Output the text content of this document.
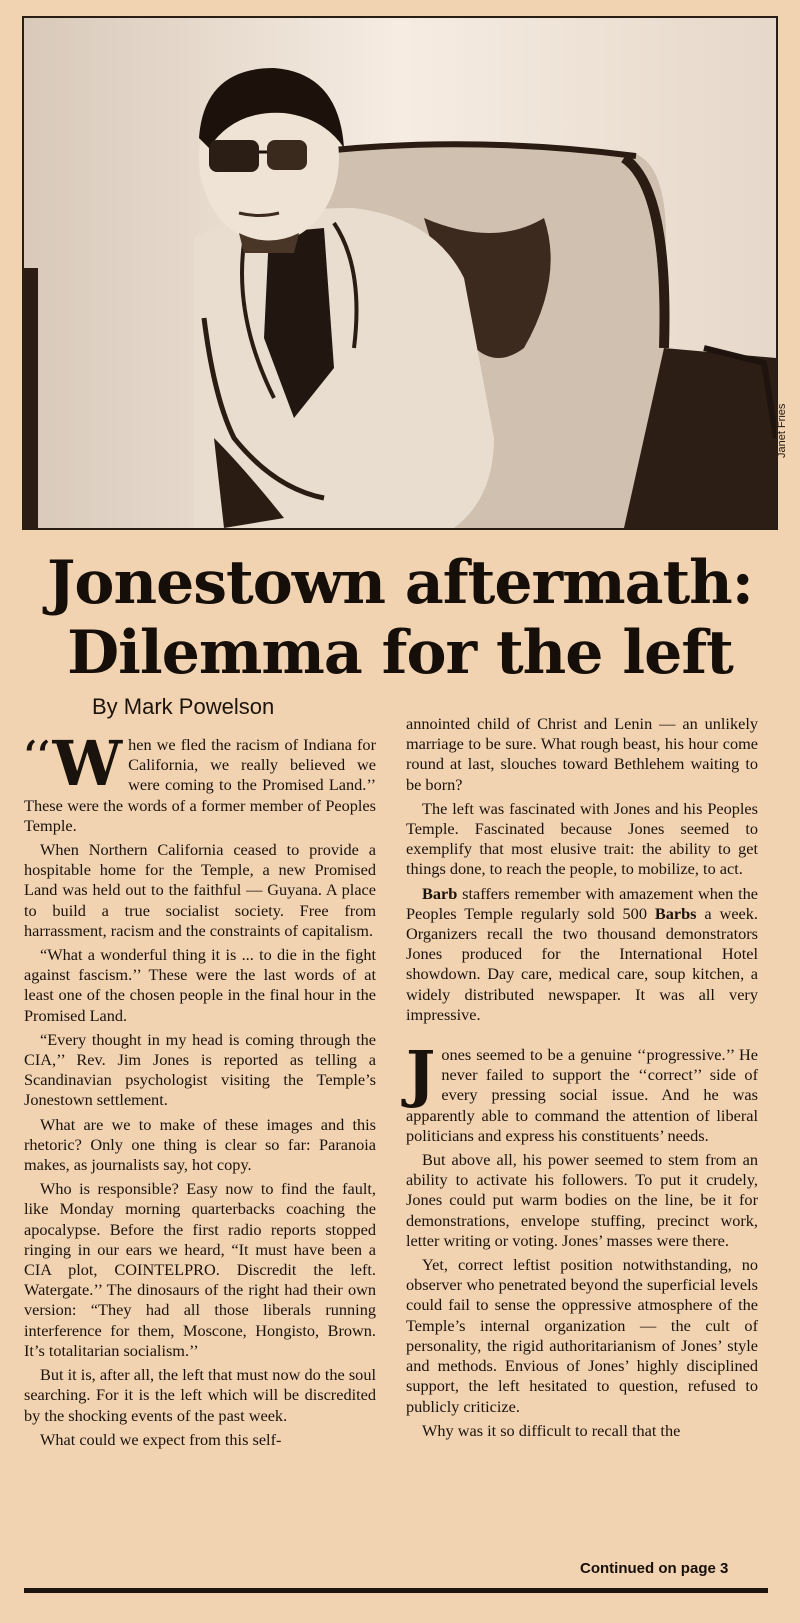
Janet Fries
Jonestown aftermath:
Dilemma for the left
By Mark Powelson

‘‘ W hen we fled the racism of Indiana for California, we really believed we were coming to the Promised Land.’’ These were the words of a former member of Peoples Temple.

When Northern California ceased to provide a hospitable home for the Temple, a new Promised Land was held out to the faithful — Guyana. A place to build a true socialist society. Free from harrassment, racism and the constraints of capitalism.

“What a wonderful thing it is ... to die in the fight against fascism.’’ These were the last words of at least one of the chosen people in the final hour in the Promised Land.

“Every thought in my head is coming through the CIA,’’ Rev. Jim Jones is reported as telling a Scandinavian psychologist visiting the Temple’s Jonestown settlement.

What are we to make of these images and this rhetoric? Only one thing is clear so far: Paranoia makes, as journalists say, hot copy.

Who is responsible? Easy now to find the fault, like Monday morning quarterbacks coaching the apocalypse. Before the first radio reports stopped ringing in our ears we heard, “It must have been a CIA plot, COINTELPRO. Discredit the left. Watergate.’’ The dinosaurs of the right had their own version: “They had all those liberals running interference for them, Moscone, Hongisto, Brown. It’s totalitarian socialism.’’

But it is, after all, the left that must now do the soul searching. For it is the left which will be discredited by the shocking events of the past week.

What could we expect from this self-

annointed child of Christ and Lenin — an unlikely marriage to be sure. What rough beast, his hour come round at last, slouches toward Bethlehem waiting to be born?

The left was fascinated with Jones and his Peoples Temple. Fascinated because Jones seemed to exemplify that most elusive trait: the ability to get things done, to reach the people, to mobilize, to act.

Barb staffers remember with amazement when the Peoples Temple regularly sold 500 Barbs a week. Organizers recall the two thousand demonstrators Jones produced for the International Hotel showdown. Day care, medical care, soup kitchen, a widely distributed newspaper. It was all very impressive.

Jones seemed to be a genuine ‘‘progressive.’’ He never failed to support the ‘‘correct’’ side of every pressing social issue. And he was apparently able to command the attention of liberal politicians and express his constituents’ needs.

But above all, his power seemed to stem from an ability to activate his followers. To put it crudely, Jones could put warm bodies on the line, be it for demonstrations, envelope stuffing, precinct work, letter writing or voting. Jones’ masses were there.

Yet, correct leftist position notwithstanding, no observer who penetrated beyond the superficial levels could fail to sense the oppressive atmosphere of the Temple’s internal organization — the cult of personality, the rigid authoritarianism of Jones’ style and methods. Envious of Jones’ highly disciplined support, the left hesitated to question, refused to publicly criticize.

Why was it so difficult to recall that the

Continued on page 3
